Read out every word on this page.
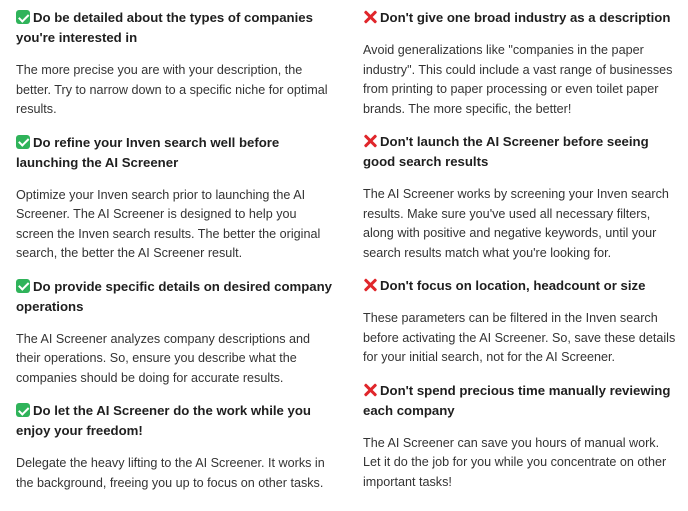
Do be detailed about the types of companies you're interested in

The more precise you are with your description, the better. Try to narrow down to a specific niche for optimal results.

Do refine your Inven search well before launching the AI Screener

Optimize your Inven search prior to launching the AI Screener. The AI Screener is designed to help you screen the Inven search results. The better the original search, the better the AI Screener result.

Do provide specific details on desired company operations

The AI Screener analyzes company descriptions and their operations. So, ensure you describe what the companies should be doing for accurate results.

Do let the AI Screener do the work while you enjoy your freedom!

Delegate the heavy lifting to the AI Screener. It works in the background, freeing you up to focus on other tasks.

Don't give one broad industry as a description

Avoid generalizations like "companies in the paper industry". This could include a vast range of businesses from printing to paper processing or even toilet paper brands. The more specific, the better!

Don't launch the AI Screener before seeing good search results

The AI Screener works by screening your Inven search results. Make sure you've used all necessary filters, along with positive and negative keywords, until your search results match what you're looking for.

Don't focus on location, headcount or size

These parameters can be filtered in the Inven search before activating the AI Screener. So, save these details for your initial search, not for the AI Screener.

Don't spend precious time manually reviewing each company

The AI Screener can save you hours of manual work. Let it do the job for you while you concentrate on other important tasks!
